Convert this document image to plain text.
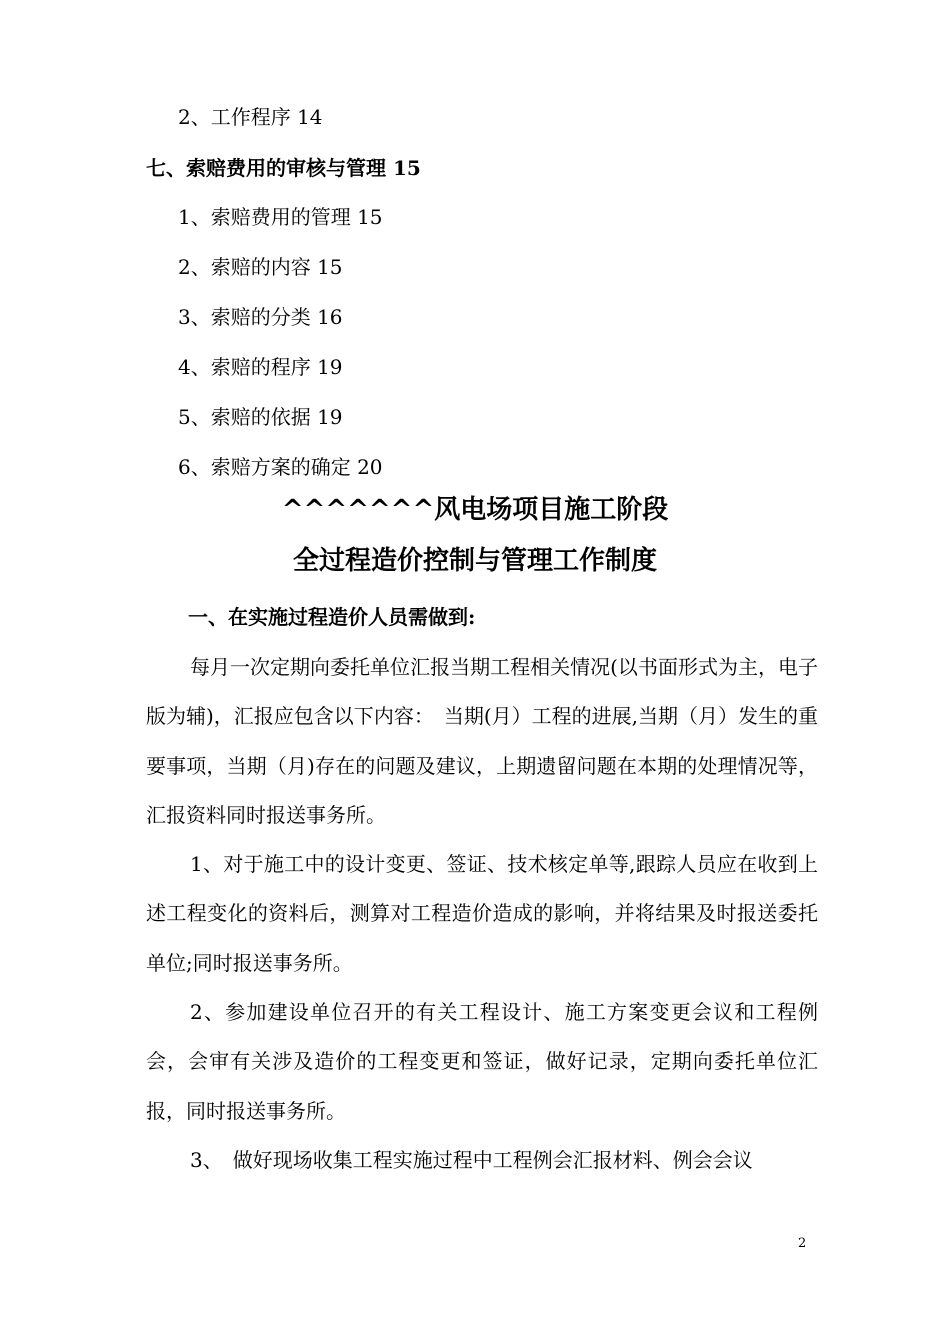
2、工作程序 14
七、索赔费用的审核与管理 15
1、索赔费用的管理 15
2、索赔的内容 15
3、索赔的分类 16
4、索赔的程序 19
5、索赔的依据 19
6、索赔方案的确定 20
^^^^^^^风电场项目施工阶段
全过程造价控制与管理工作制度
一、在实施过程造价人员需做到:
每月一次定期向委托单位汇报当期工程相关情况(以书面形式为主，电子版为辅)，汇报应包含以下内容：　当期(月）工程的进展,当期（月）发生的重要事项，当期（月)存在的问题及建议，上期遗留问题在本期的处理情况等，汇报资料同时报送事务所。
1、对于施工中的设计变更、签证、技术核定单等,跟踪人员应在收到上述工程变化的资料后，测算对工程造价造成的影响，并将结果及时报送委托单位;同时报送事务所。
2、参加建设单位召开的有关工程设计、施工方案变更会议和工程例会，会审有关涉及造价的工程变更和签证，做好记录，定期向委托单位汇报，同时报送事务所。
3、　做好现场收集工程实施过程中工程例会汇报材料、例会会议
2
